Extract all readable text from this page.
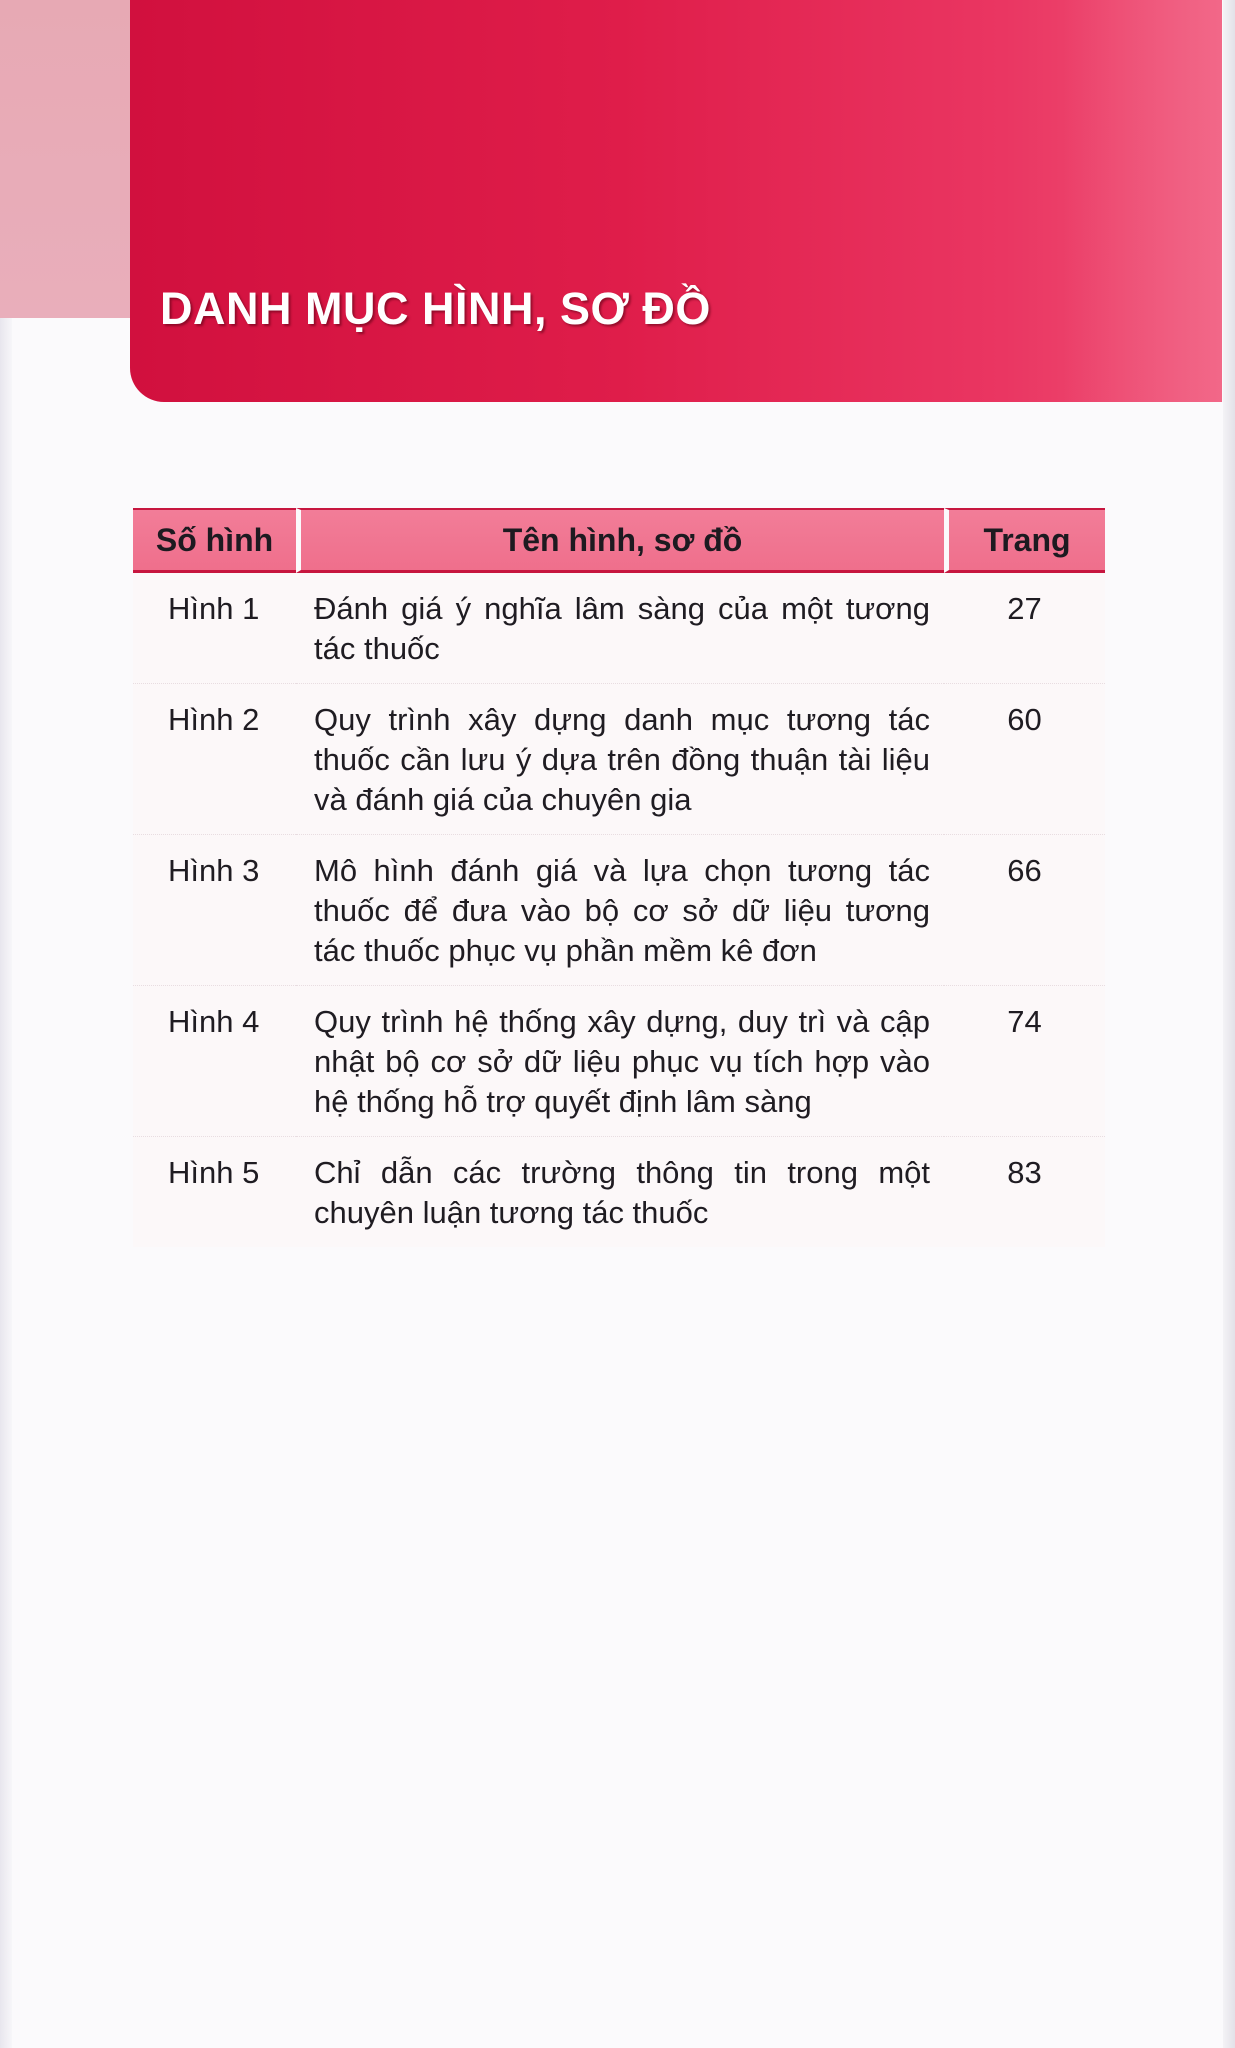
DANH MỤC HÌNH, SƠ ĐỒ
Số hình	Tên hình, sơ đồ	Trang
Hình 1	Đánh giá ý nghĩa lâm sàng của một tương tác thuốc	27
Hình 2	Quy trình xây dựng danh mục tương tác thuốc cần lưu ý dựa trên đồng thuận tài liệu và đánh giá của chuyên gia	60
Hình 3	Mô hình đánh giá và lựa chọn tương tác thuốc để đưa vào bộ cơ sở dữ liệu tương tác thuốc phục vụ phần mềm kê đơn	66
Hình 4	Quy trình hệ thống xây dựng, duy trì và cập nhật bộ cơ sở dữ liệu phục vụ tích hợp vào hệ thống hỗ trợ quyết định lâm sàng	74
Hình 5	Chỉ dẫn các trường thông tin trong một chuyên luận tương tác thuốc	83
